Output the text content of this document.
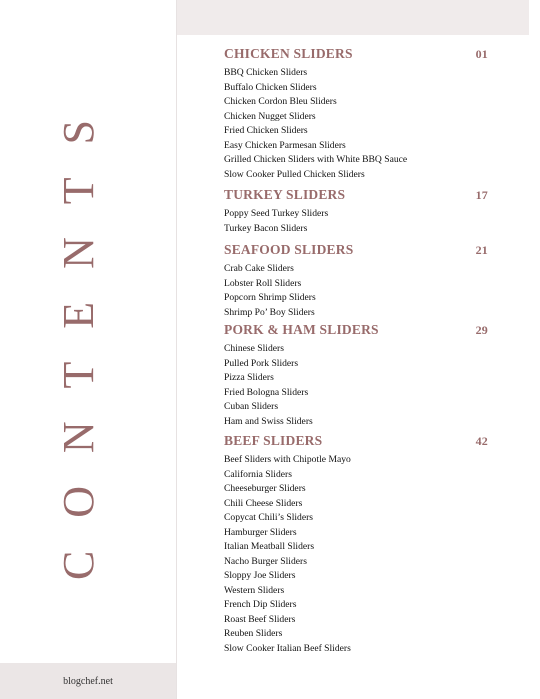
CONTENTS
blogchef.net
CHICKEN SLIDERS	01
BBQ Chicken Sliders
Buffalo Chicken Sliders
Chicken Cordon Bleu Sliders
Chicken Nugget Sliders
Fried Chicken Sliders
Easy Chicken Parmesan Sliders
Grilled Chicken Sliders with White BBQ Sauce
Slow Cooker Pulled Chicken Sliders
TURKEY SLIDERS	17
Poppy Seed Turkey Sliders
Turkey Bacon Sliders
SEAFOOD SLIDERS	21
Crab Cake Sliders
Lobster Roll Sliders
Popcorn Shrimp Sliders
Shrimp Po’ Boy Sliders
PORK & HAM SLIDERS	29
Chinese Sliders
Pulled Pork Sliders
Pizza Sliders
Fried Bologna Sliders
Cuban Sliders
Ham and Swiss Sliders
BEEF SLIDERS	42
Beef Sliders with Chipotle Mayo
California Sliders
Cheeseburger Sliders
Chili Cheese Sliders
Copycat Chili’s Sliders
Hamburger Sliders
Italian Meatball Sliders
Nacho Burger Sliders
Sloppy Joe Sliders
Western Sliders
French Dip Sliders
Roast Beef Sliders
Reuben Sliders
Slow Cooker Italian Beef Sliders
